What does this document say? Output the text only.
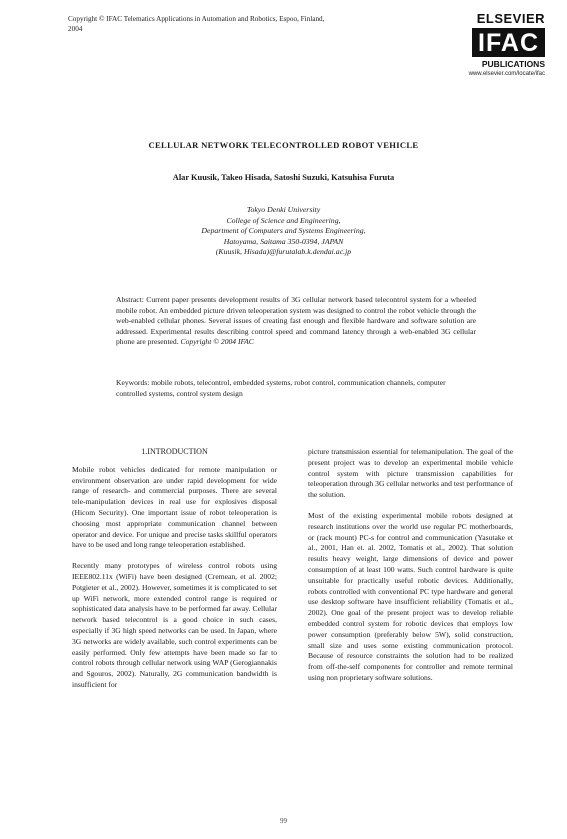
Copyright © IFAC Telematics Applications in Automation and Robotics, Espoo, Finland, 2004
ELSEVIER
IFAC
PUBLICATIONS
www.elsevier.com/locate/ifac
CELLULAR NETWORK TELECONTROLLED ROBOT VEHICLE
Alar Kuusik, Takeo Hisada, Satoshi Suzuki, Katsuhisa Furuta
Tokyo Denki University
College of Science and Engineering,
Department of Computers and Systems Engineering,
Hatoyama, Saitama 350-0394, JAPAN
(Kuusik, Hisada)@furutalab.k.dendai.ac.jp
Abstract: Current paper presents development results of 3G cellular network based telecontrol system for a wheeled mobile robot. An embedded picture driven teleoperation system was designed to control the robot vehicle through the web-enabled cellular phones. Several issues of creating fast enough and flexible hardware and software solution are addressed. Experimental results describing control speed and command latency through a web-enabled 3G cellular phone are presented. Copyright © 2004 IFAC
Keywords: mobile robots, telecontrol, embedded systems, robot control, communication channels, computer controlled systems, control system design
1.INTRODUCTION

Mobile robot vehicles dedicated for remote manipulation or environment observation are under rapid development for wide range of research- and commercial purposes. There are several tele-manipulation devices in real use for explosives disposal (Hicom Security). One important issue of robot teleoperation is choosing most appropriate communication channel between operator and device. For unique and precise tasks skillful operators have to be used and long range teleoperation established.

Recently many prototypes of wireless control robots using IEEE802.11x (WiFi) have been designed (Cremean, et al. 2002; Potgieter et al., 2002). However, sometimes it is complicated to set up WiFi network, more extended control range is required or sophisticated data analysis have to be performed far away. Cellular network based telecontrol is a good choice in such cases, especially if 3G high speed networks can be used. In Japan, where 3G networks are widely available, such control experiments can be easily performed. Only few attempts have been made so far to control robots through cellular network using WAP (Gerogiannakis and Sgouros, 2002). Naturally, 2G communication bandwidth is insufficient for

picture transmission essential for telemanipulation. The goal of the present project was to develop an experimental mobile vehicle control system with picture transmission capabilities for teleoperation through 3G cellular networks and test performance of the solution.

Most of the existing experimental mobile robots designed at research institutions over the world use regular PC motherboards, or (rack mount) PC-s for control and communication (Yasutake et al., 2001, Han et. al. 2002, Tomatis et al., 2002). That solution results heavy weight, large dimensions of device and power consumption of at least 100 watts. Such control hardware is quite unsuitable for practically useful robotic devices. Additionally, robots controlled with conventional PC type hardware and general use desktop software have insufficient reliability (Tomatis et al., 2002). One goal of the present project was to develop reliable embedded control system for robotic devices that employs low power consumption (preferably below 5W), solid construction, small size and uses some existing communication protocol. Because of resource constraints the solution had to be realized from off-the-self components for controller and remote terminal using non proprietary software solutions.

99
